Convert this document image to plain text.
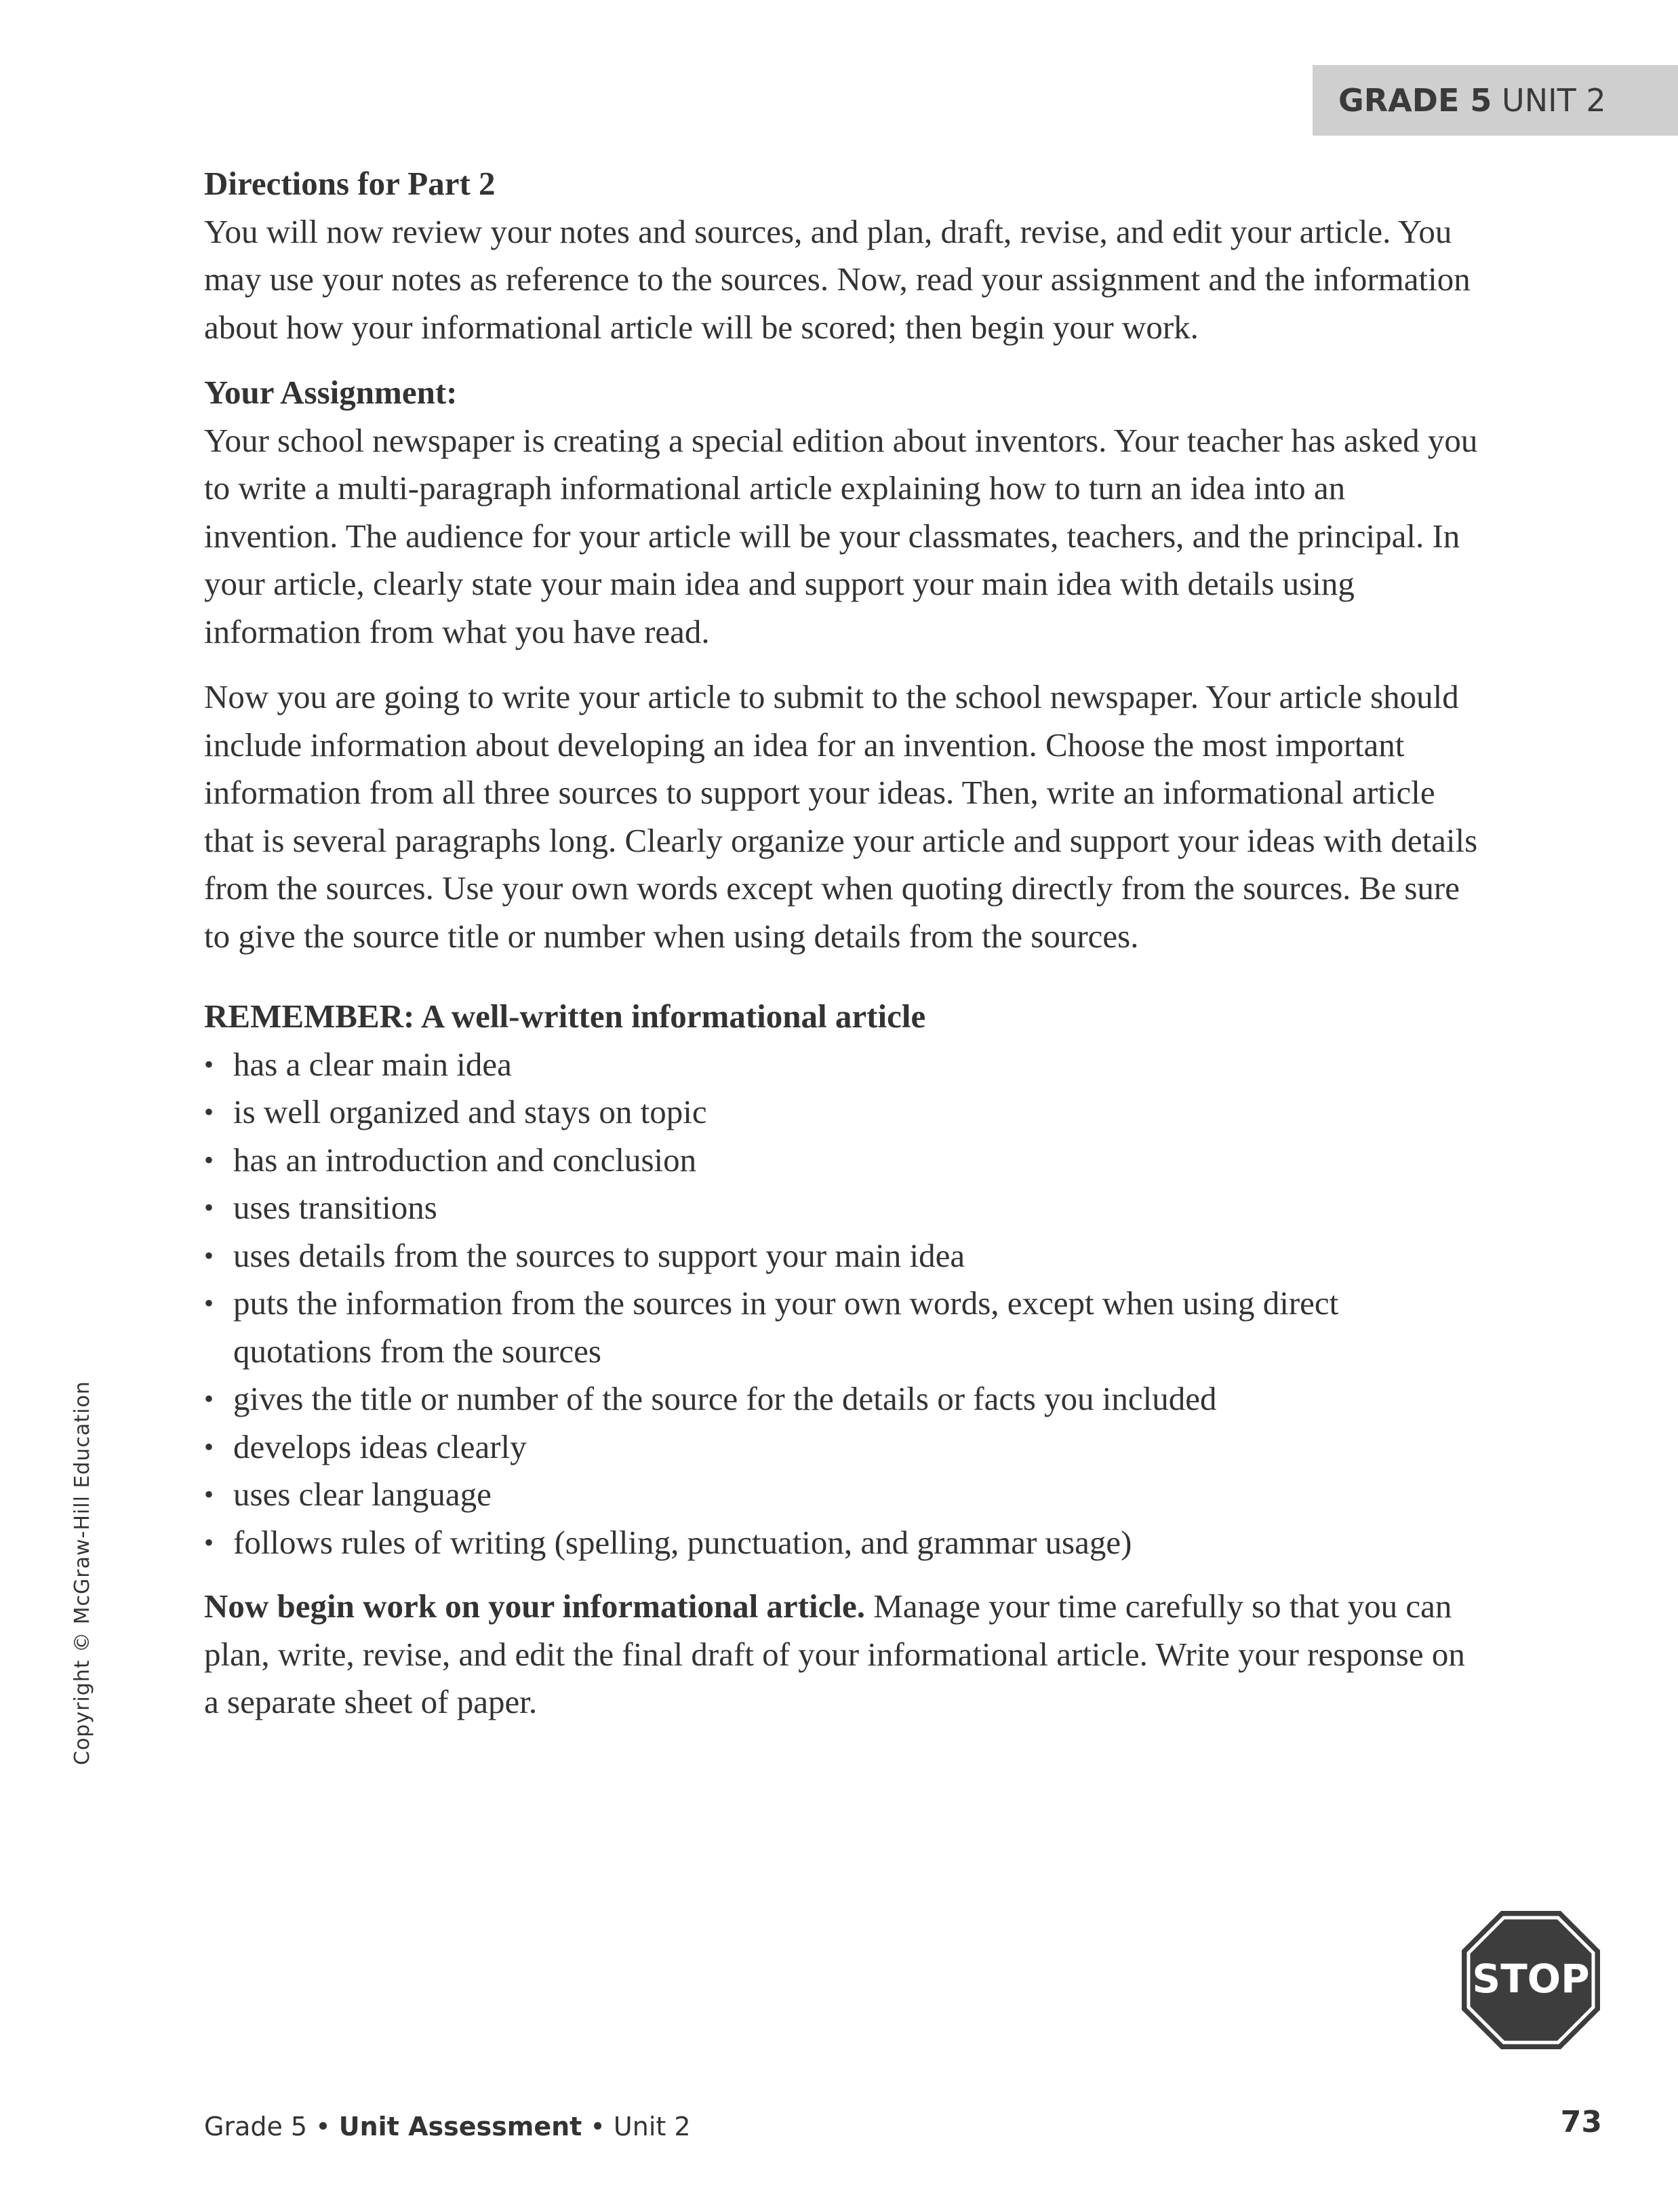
GRADE 5 UNIT 2

Directions for Part 2

You will now review your notes and sources, and plan, draft, revise, and edit your article. You may use your notes as reference to the sources. Now, read your assignment and the information about how your informational article will be scored; then begin your work.

Your Assignment:

Your school newspaper is creating a special edition about inventors. Your teacher has asked you to write a multi-paragraph informational article explaining how to turn an idea into an invention. The audience for your article will be your classmates, teachers, and the principal. In your article, clearly state your main idea and support your main idea with details using information from what you have read.

Now you are going to write your article to submit to the school newspaper. Your article should include information about developing an idea for an invention. Choose the most important information from all three sources to support your ideas. Then, write an informational article that is several paragraphs long. Clearly organize your article and support your ideas with details from the sources. Use your own words except when quoting directly from the sources. Be sure to give the source title or number when using details from the sources.

REMEMBER: A well-written informational article

• has a clear main idea
• is well organized and stays on topic
• has an introduction and conclusion
• uses transitions
• uses details from the sources to support your main idea
• puts the information from the sources in your own words, except when using direct quotations from the sources
• gives the title or number of the source for the details or facts you included
• develops ideas clearly
• uses clear language
• follows rules of writing (spelling, punctuation, and grammar usage)

Now begin work on your informational article. Manage your time carefully so that you can plan, write, revise, and edit the final draft of your informational article. Write your response on a separate sheet of paper.

Copyright © McGraw-Hill Education
STOP
Grade 5 • Unit Assessment • Unit 2	73
